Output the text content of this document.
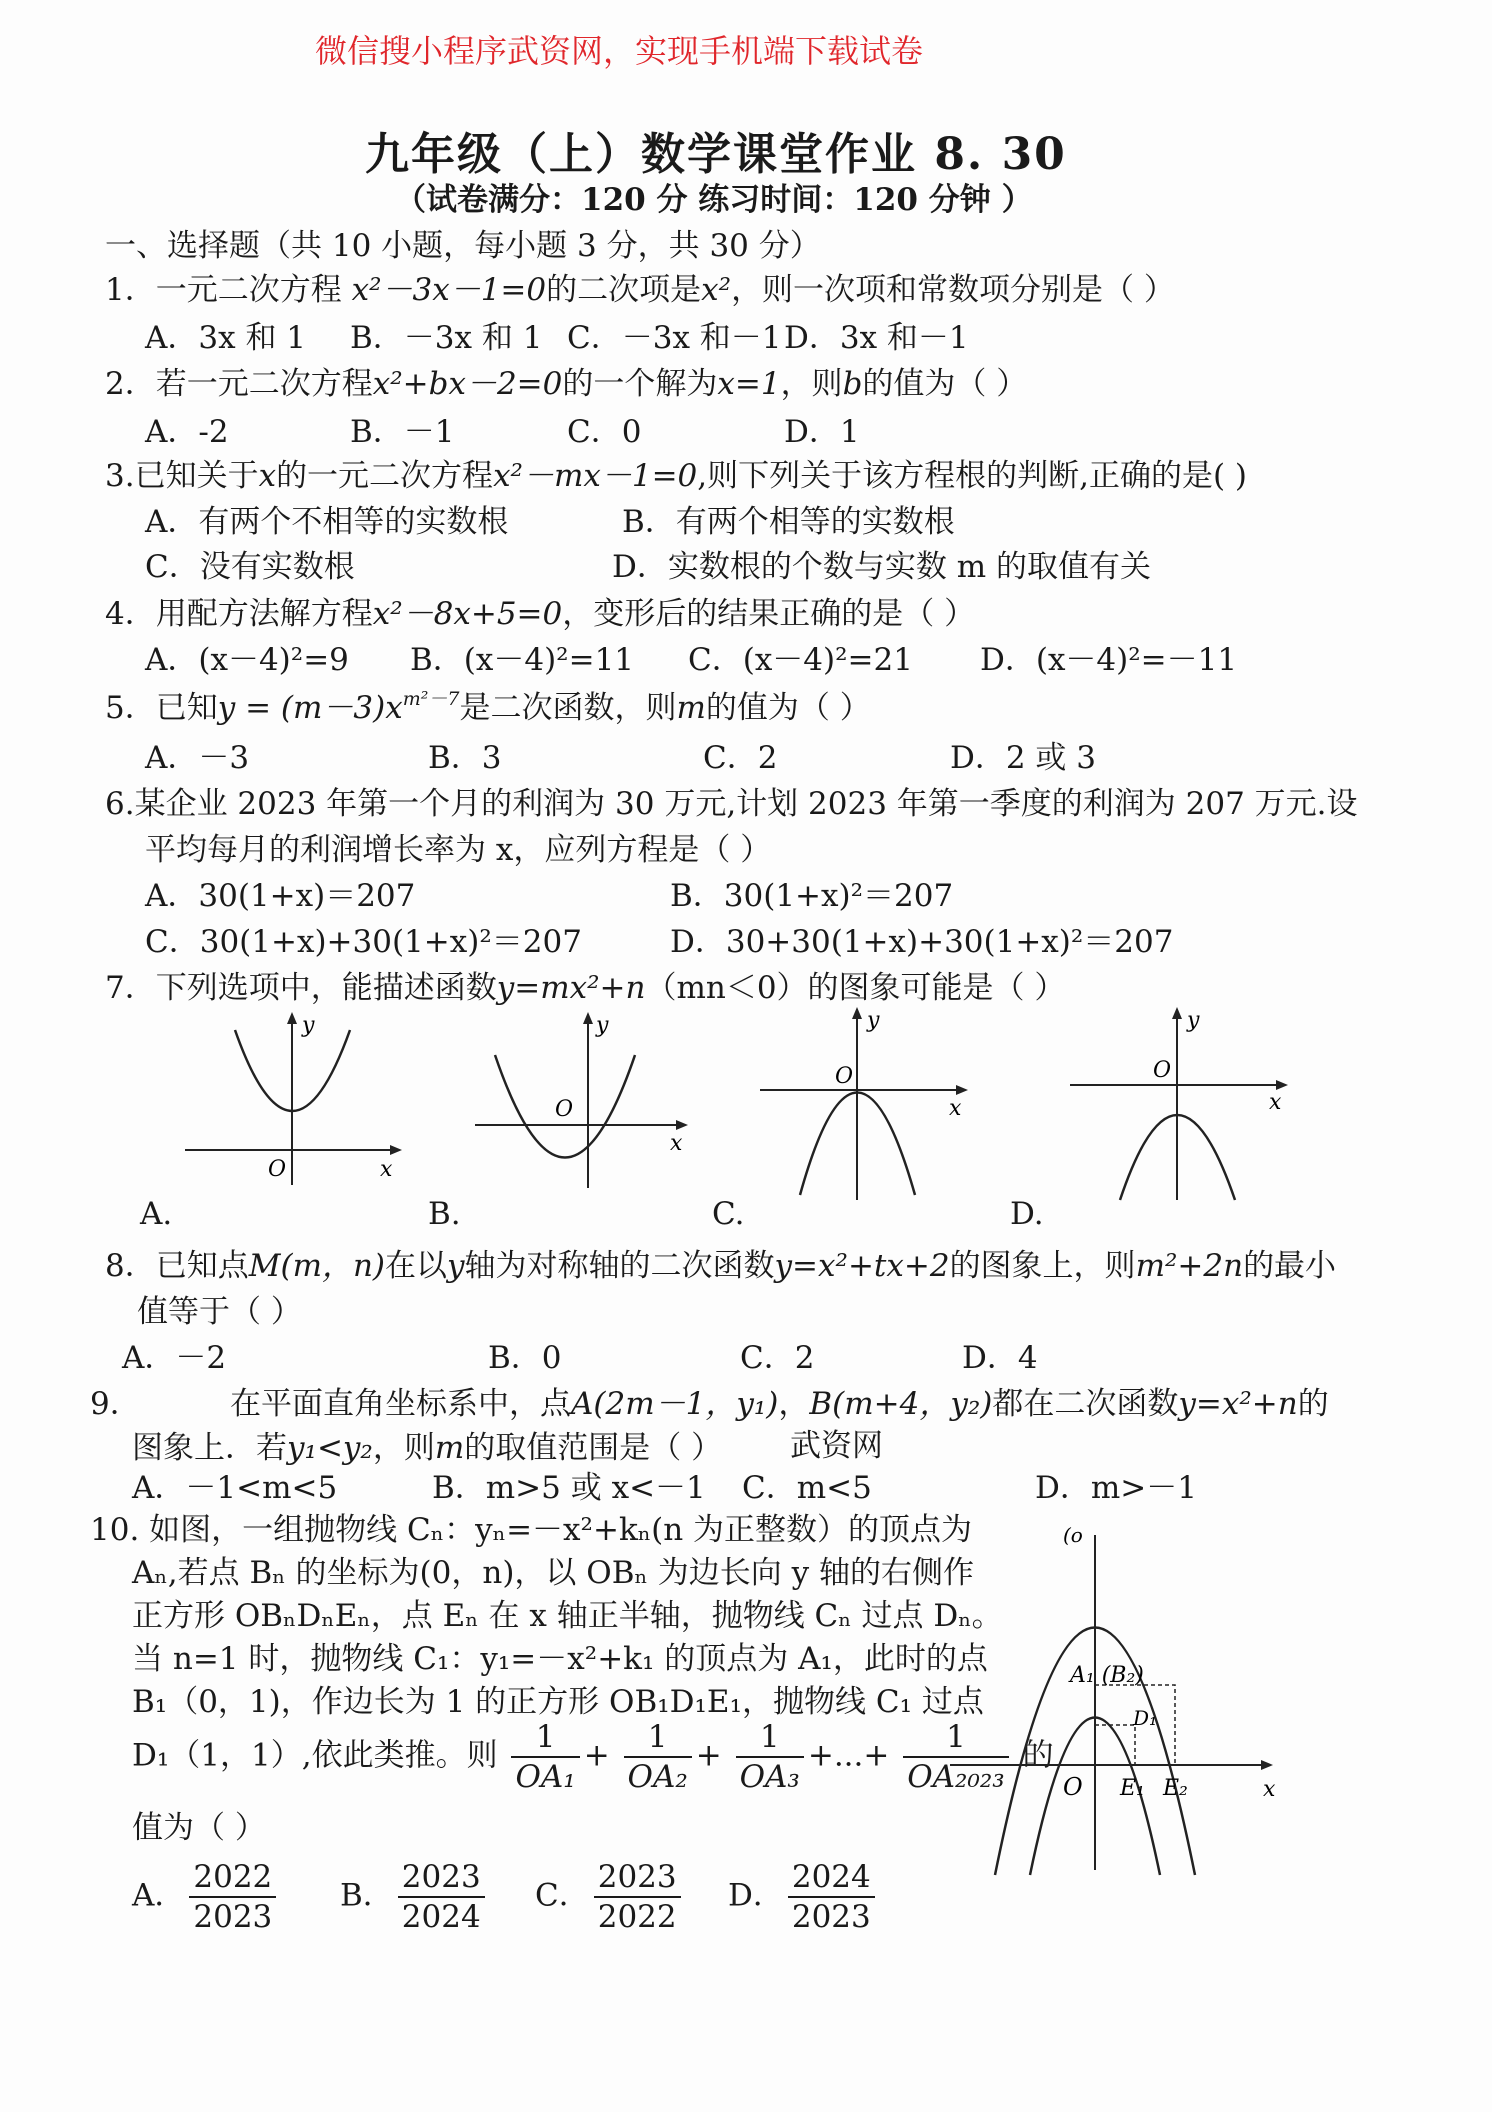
微信搜小程序武资网，实现手机端下载试卷
九年级（上）数学课堂作业 8. 30
（试卷满分：120 分 练习时间：120 分钟 ）
一、选择题（共 10 小题，每小题 3 分，共 30 分）
1．一元二次方程 x²－3x－1=0的二次项是x²，则一次项和常数项分别是（ ）
A．3x 和 1 B．－3x 和 1 C．－3x 和－1 D．3x 和－1
2．若一元二次方程x²+bx－2=0的一个解为x=1，则b的值为（ ）
A．-2	B．－1	C．0	D．1
3.已知关于x的一元二次方程x²－mx－1=0,则下列关于该方程根的判断,正确的是( )
A．有两个不相等的实数根	B．有两个相等的实数根
C．没有实数根	D．实数根的个数与实数 m 的取值有关
4．用配方法解方程x²－8x+5=0，变形后的结果正确的是（ ）
A．(x－4)²=9 B．(x－4)²=11 C．(x－4)²=21 D．(x－4)²=－11
5．已知$y = (m-3)x^{m^2-7}$是二次函数，则m的值为（ ）
A．－3	B．3	C．2	D．2 或 3
6.某企业 2023 年第一个月的利润为 30 万元,计划 2023 年第一季度的利润为 207 万元.设
平均每月的利润增长率为 x，应列方程是（ ）
A．30(1+x)＝207	B．30(1+x)²＝207
C．30(1+x)+30(1+x)²＝207	D．30+30(1+x)+30(1+x)²＝207
7．下列选项中，能描述函数y=mx²+n（mn＜0）的图象可能是（ ）
y
x
O
A.
y
x
O
B.
y
x
O
C.
y
x
O
D.
8．已知点M(m，n)在以y轴为对称轴的二次函数y=x²+tx+2的图象上，则m²+2n的最小
值等于（ ）
A．－2	B．0	C．2	D．4
9．	在平面直角坐标系中，点A(2m－1，y₁)，B(m+4，y₂)都在二次函数y=x²+n的
图象上．若y₁<y₂，则m的取值范围是（ ） 武资网
A．－1<m<5	B．m>5 或 x<－1 C．m<5	D．m>－1
10. 如图，一组抛物线 Cₙ：yₙ=－x²+kₙ(n 为正整数）的顶点为
Aₙ,若点 Bₙ 的坐标为(0，n)，以 OBₙ 为边长向 y 轴的右侧作
正方形 OBₙDₙEₙ，点 Eₙ 在 x 轴正半轴，抛物线 Cₙ 过点 Dₙ。
当 n=1 时，抛物线 C₁：y₁=－x²+k₁ 的顶点为 A₁，此时的点
B₁（0，1)，作边长为 1 的正方形 OB₁D₁E₁，抛物线 C₁ 过点
D₁（1，1）,依此类推。则 $\frac{1}{\text{OA₁}} + \frac{1}{\text{OA₂}} + \frac{1}{\text{OA₃}}$ +...+ $\frac{1}{\text{OA₂₀₂₃}}$ 的
值为（ ）
A． $\frac{2022}{2023}$ B． $\frac{2023}{2024}$ C． $\frac{2023}{2022}$ D． $\frac{2024}{2023}$
(o
A₁ (B₂)
D₁
O E₁ E₂	x
